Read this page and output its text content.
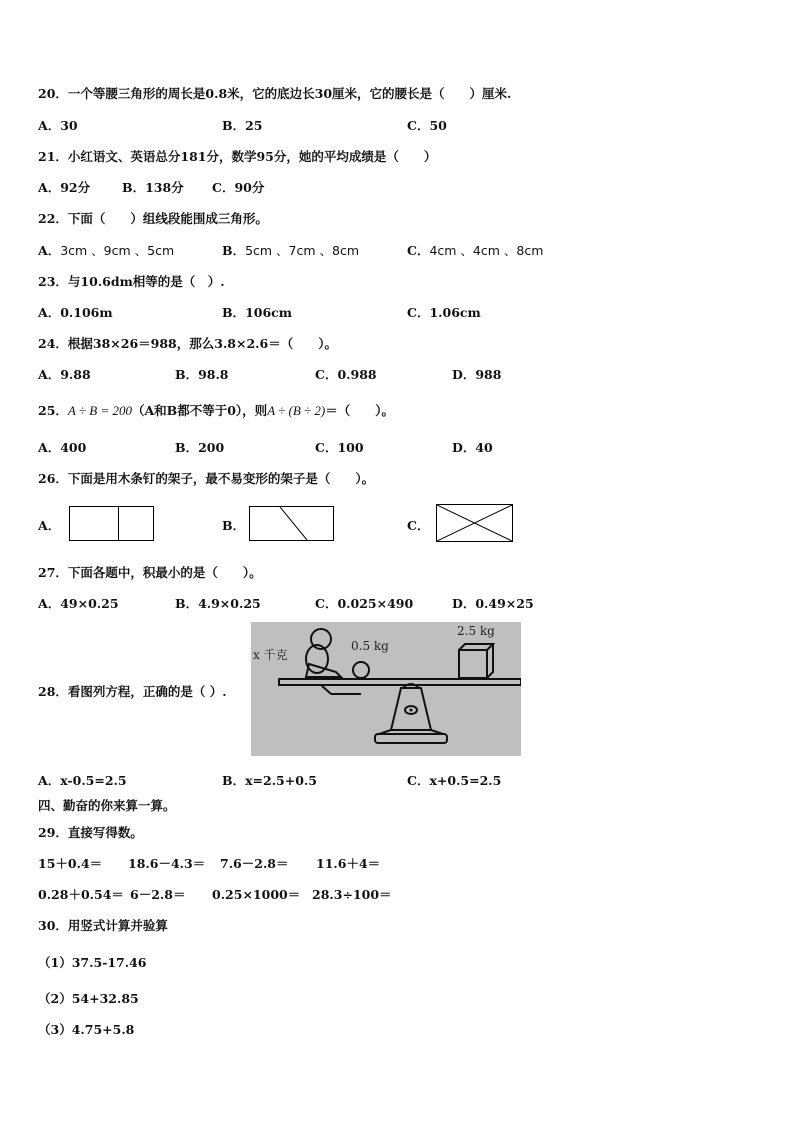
20．一个等腰三角形的周长是0.8米，它的底边长30厘米，它的腰长是（　　）厘米.
A．30	B．25	C．50
21．小红语文、英语总分181分，数学95分，她的平均成绩是（　　）
A．92分	B．138分 C．90分
22．下面（　　）组线段能围成三角形。
A．3cm 、9cm 、5cm	B．5cm 、7cm 、8cm	C．4cm 、4cm 、8cm
23．与10.6dm相等的是（　）.
A．0.106m	B．106cm	C．1.06cm
24．根据38×26＝988，那么3.8×2.6＝（　　）。
A．9.88	B．98.8	C．0.988	D．988
25．A ÷ B = 200（A和B都不等于0），则A ÷ (B ÷ 2)＝（　　）。
A．400	B．200	C．100	D．40
26．下面是用木条钉的架子，最不易变形的架子是（　　）。
A．	B．	C．
27．下面各题中，积最小的是（　　）。
A．49×0.25	B．4.9×0.25	C．0.025×490	D．0.49×25
28．看图列方程，正确的是（ ）.
x 千克
0.5 kg
2.5 kg
A．x-0.5=2.5	B．x=2.5+0.5	C．x+0.5=2.5
四、勤奋的你来算一算。
29．直接写得数。
15＋0.4＝ 18.6－4.3＝ 7.6－2.8＝ 11.6＋4＝
0.28＋0.54＝ 6－2.8＝ 0.25×1000＝ 28.3÷100＝
30．用竖式计算并验算
（1）37.5-17.46
（2）54+32.85
（3）4.75+5.8
